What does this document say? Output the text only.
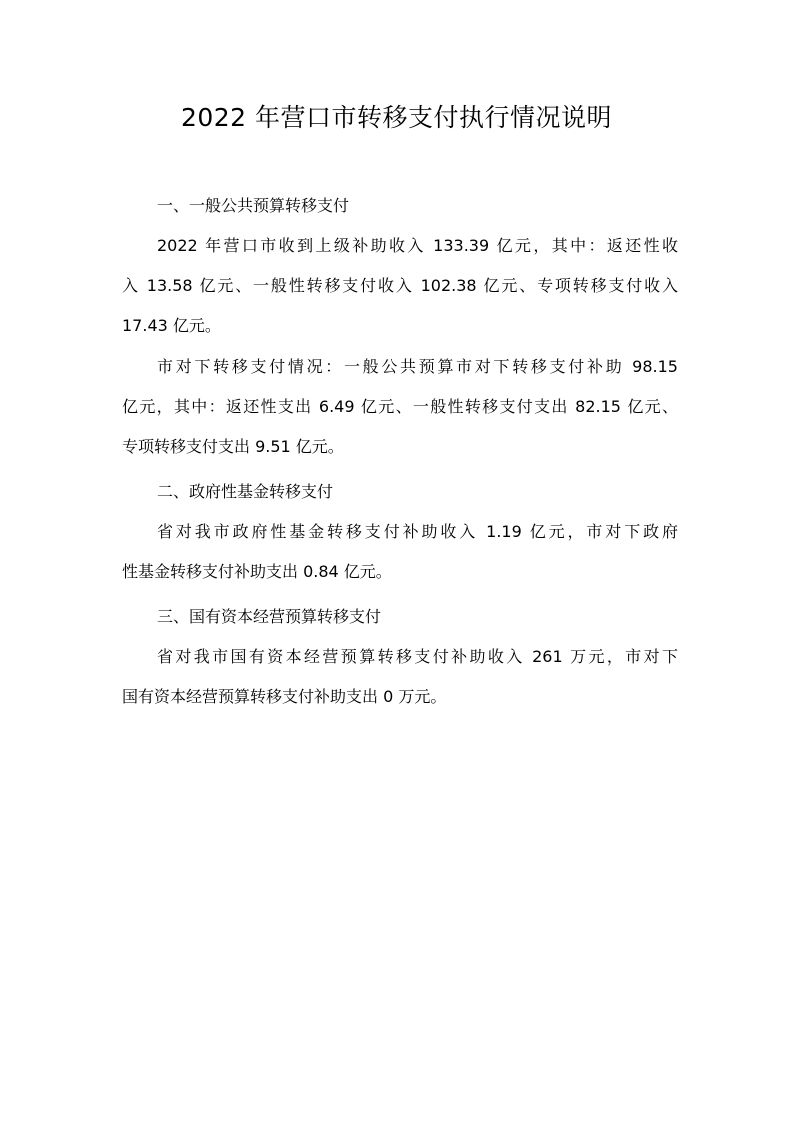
2022 年营口市转移支付执行情况说明
一、一般公共预算转移支付
2022 年营口市收到上级补助收入 133.39 亿元，其中：返还性收
入 13.58 亿元、一般性转移支付收入 102.38 亿元、专项转移支付收入
17.43 亿元。
市对下转移支付情况：一般公共预算市对下转移支付补助 98.15
亿元，其中：返还性支出 6.49 亿元、一般性转移支付支出 82.15 亿元、
专项转移支付支出 9.51 亿元。
二、政府性基金转移支付
省对我市政府性基金转移支付补助收入 1.19 亿元，市对下政府
性基金转移支付补助支出 0.84 亿元。
三、国有资本经营预算转移支付
省对我市国有资本经营预算转移支付补助收入 261 万元，市对下
国有资本经营预算转移支付补助支出 0 万元。
